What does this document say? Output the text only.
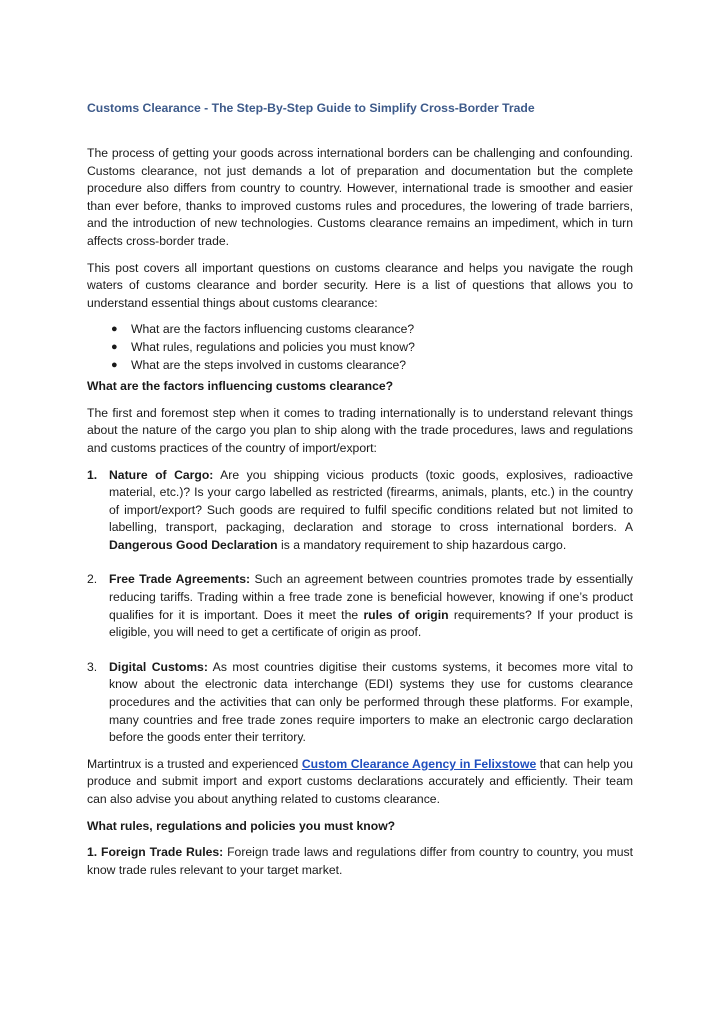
Customs Clearance - The Step-By-Step Guide to Simplify Cross-Border Trade

The process of getting your goods across international borders can be challenging and confounding. Customs clearance, not just demands a lot of preparation and documentation but the complete procedure also differs from country to country. However, international trade is smoother and easier than ever before, thanks to improved customs rules and procedures, the lowering of trade barriers, and the introduction of new technologies. Customs clearance remains an impediment, which in turn affects cross-border trade.

This post covers all important questions on customs clearance and helps you navigate the rough waters of customs clearance and border security. Here is a list of questions that allows you to understand essential things about customs clearance:

● What are the factors influencing customs clearance?
● What rules, regulations and policies you must know?
● What are the steps involved in customs clearance?

What are the factors influencing customs clearance?

The first and foremost step when it comes to trading internationally is to understand relevant things about the nature of the cargo you plan to ship along with the trade procedures, laws and regulations and customs practices of the country of import/export:

1. Nature of Cargo: Are you shipping vicious products (toxic goods, explosives, radioactive material, etc.)? Is your cargo labelled as restricted (firearms, animals, plants, etc.) in the country of import/export? Such goods are required to fulfil specific conditions related but not limited to labelling, transport, packaging, declaration and storage to cross international borders. A Dangerous Good Declaration is a mandatory requirement to ship hazardous cargo.
2. Free Trade Agreements: Such an agreement between countries promotes trade by essentially reducing tariffs. Trading within a free trade zone is beneficial however, knowing if one’s product qualifies for it is important. Does it meet the rules of origin requirements? If your product is eligible, you will need to get a certificate of origin as proof.
3. Digital Customs: As most countries digitise their customs systems, it becomes more vital to know about the electronic data interchange (EDI) systems they use for customs clearance procedures and the activities that can only be performed through these platforms. For example, many countries and free trade zones require importers to make an electronic cargo declaration before the goods enter their territory.

Martintrux is a trusted and experienced Custom Clearance Agency in Felixstowe that can help you produce and submit import and export customs declarations accurately and efficiently. Their team can also advise you about anything related to customs clearance.

What rules, regulations and policies you must know?

1. Foreign Trade Rules: Foreign trade laws and regulations differ from country to country, you must know trade rules relevant to your target market.
